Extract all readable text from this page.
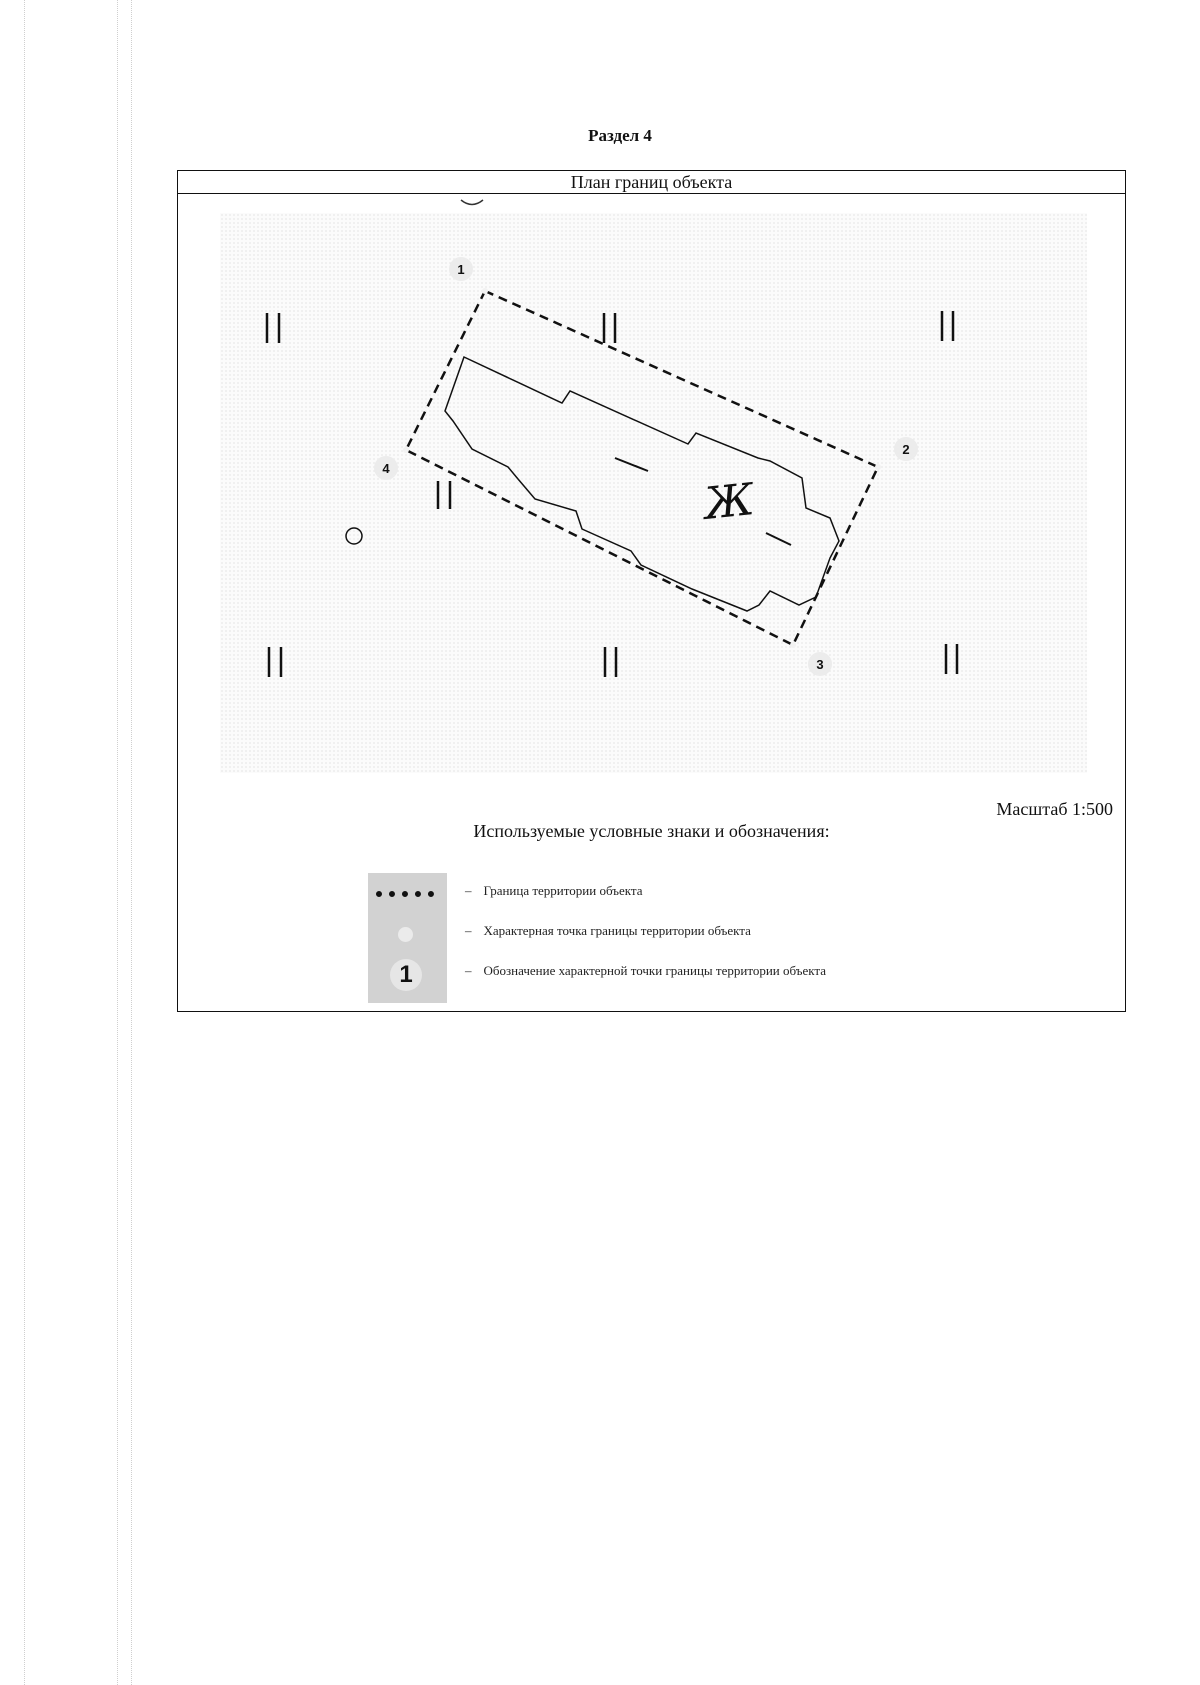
Раздел 4
План границ объекта
Ж
1
2
3
4
Масштаб 1:500
Используемые условные знаки и обозначения:
1
– Граница территории объекта
– Характерная точка границы территории объекта
– Обозначение характерной точки границы территории объекта
